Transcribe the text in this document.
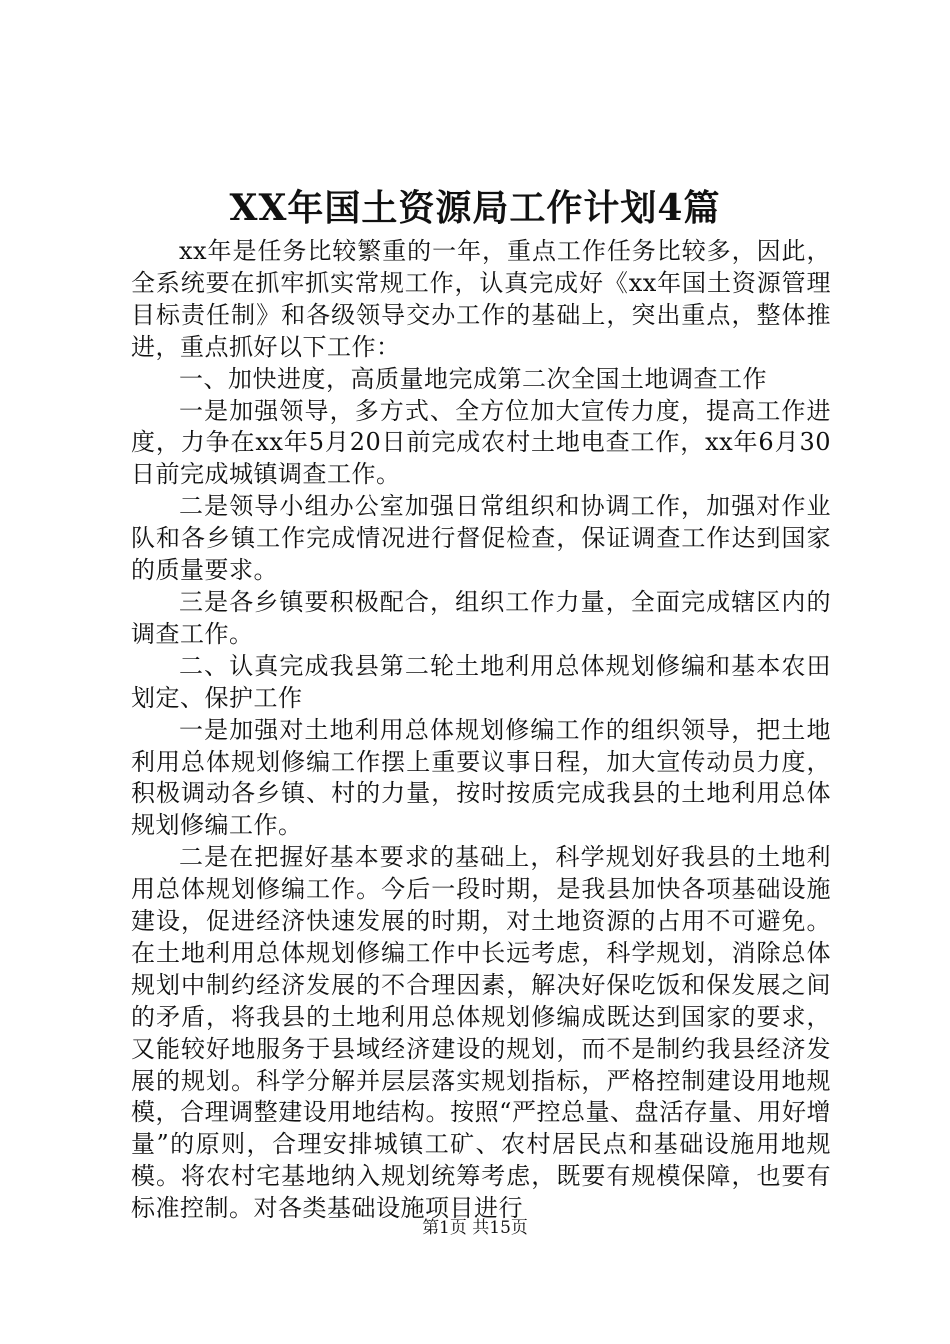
XX年国土资源局工作计划4篇

xx年是任务比较繁重的一年，重点工作任务比较多，因此，全系统要在抓牢抓实常规工作，认真完成好《xx年国土资源管理目标责任制》和各级领导交办工作的基础上，突出重点，整体推进，重点抓好以下工作：

一、加快进度，高质量地完成第二次全国土地调查工作

一是加强领导，多方式、全方位加大宣传力度，提高工作进度，力争在xx年5月20日前完成农村土地电查工作，xx年6月30日前完成城镇调查工作。

二是领导小组办公室加强日常组织和协调工作，加强对作业队和各乡镇工作完成情况进行督促检查，保证调查工作达到国家的质量要求。

三是各乡镇要积极配合，组织工作力量，全面完成辖区内的调查工作。

二、认真完成我县第二轮土地利用总体规划修编和基本农田划定、保护工作

一是加强对土地利用总体规划修编工作的组织领导，把土地利用总体规划修编工作摆上重要议事日程，加大宣传动员力度，积极调动各乡镇、村的力量，按时按质完成我县的土地利用总体规划修编工作。

二是在把握好基本要求的基础上，科学规划好我县的土地利用总体规划修编工作。今后一段时期，是我县加快各项基础设施建设，促进经济快速发展的时期，对土地资源的占用不可避免。在土地利用总体规划修编工作中长远考虑，科学规划，消除总体规划中制约经济发展的不合理因素，解决好保吃饭和保发展之间的矛盾，将我县的土地利用总体规划修编成既达到国家的要求，又能较好地服务于县域经济建设的规划，而不是制约我县经济发展的规划。科学分解并层层落实规划指标，严格控制建设用地规模，合理调整建设用地结构。按照“严控总量、盘活存量、用好增量”的原则，合理安排城镇工矿、农村居民点和基础设施用地规模。将农村宅基地纳入规划统筹考虑，既要有规模保障，也要有标准控制。对各类基础设施项目进行

第1页 共15页
